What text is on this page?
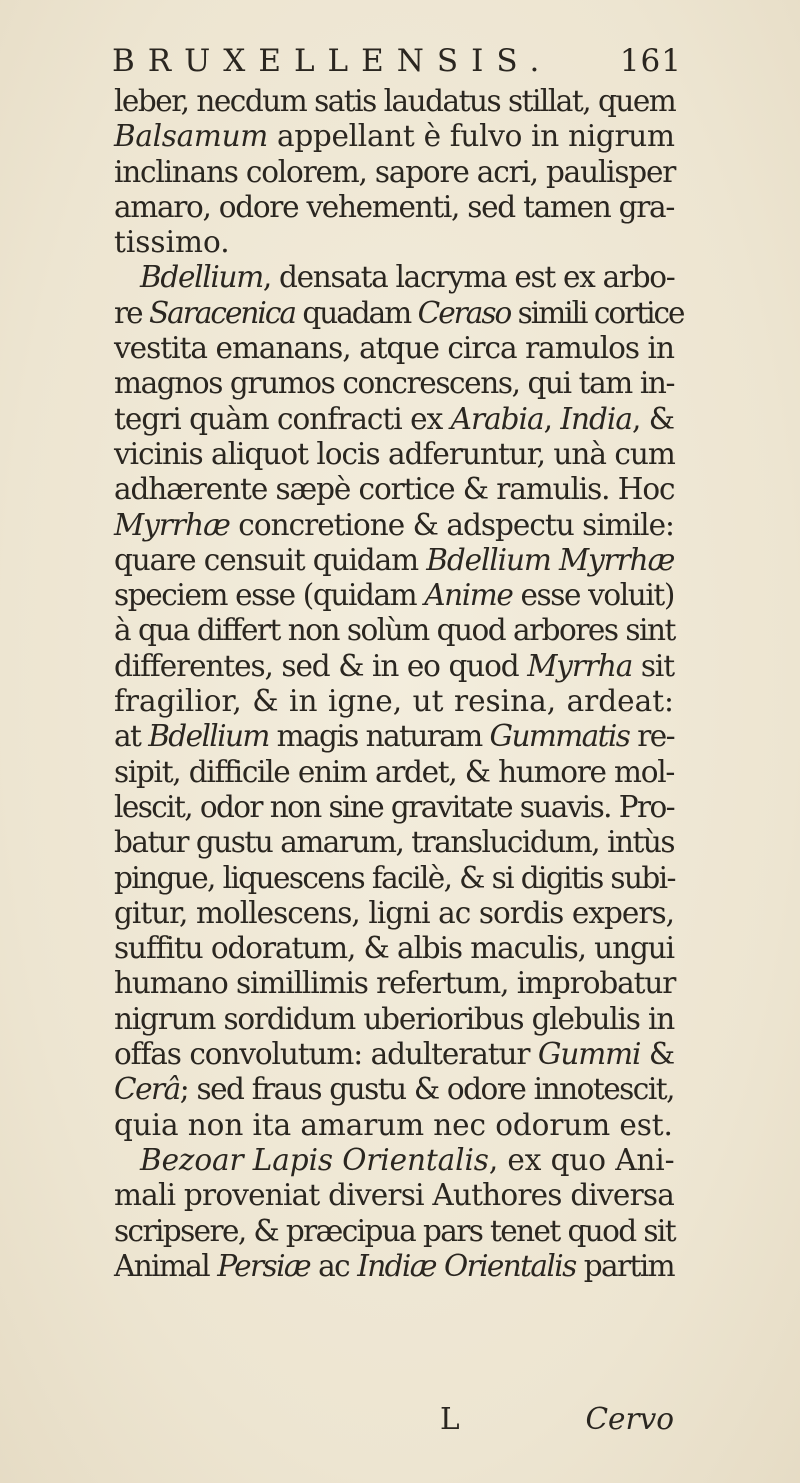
BRUXELLENSIS. 161
leber, necdum satis laudatus stillat, quem
Balsamum appellant è fulvo in nigrum
inclinans colorem, sapore acri, paulisper
amaro, odore vehementi, sed tamen gra-
tissimo.
Bdellium, densata lacryma est ex arbo-
re Saracenica quadam Cerasо simili cortice
vestita emanans, atque circa ramulos in
magnos grumos concrescens, qui tam in-
tegri quàm confracti ex Arabia, India, &
vicinis aliquot locis adferuntur, unà cum
adhærente sæpè cortice & ramulis. Hoc
Myrrhæ concretione & adspectu simile:
quare censuit quidam Bdellium Myrrhæ
speciem esse (quidam Anime esse voluit)
à qua differt non solùm quod arbores sint
differentes, sed & in eo quod Myrrha sit
fragilior, & in igne, ut resina, ardeat:
at Bdellium magis naturam Gummatis re-
sipit, difficile enim ardet, & humore mol-
lescit, odor non sine gravitate suavis. Pro-
batur gustu amarum, translucidum, intùs
pingue, liquescens facilè, & si digitis subi-
gitur, mollescens, ligni ac sordis expers,
suffitu odoratum, & albis maculis, ungui
humano simillimis refertum, improbatur
nigrum sordidum uberioribus glebulis in
offas convolutum: adulteratur Gummi &
Cerâ; sed fraus gustu & odore innotescit,
quia non ita amarum nec odorum est.
Bezoar Lapis Orientalis, ex quo Ani-
mali proveniat diversi Authores diversa
scripsere, & præcipua pars tenet quod sit
Animal Persiæ ac Indiæ Orientalis partim
L	Cervo
